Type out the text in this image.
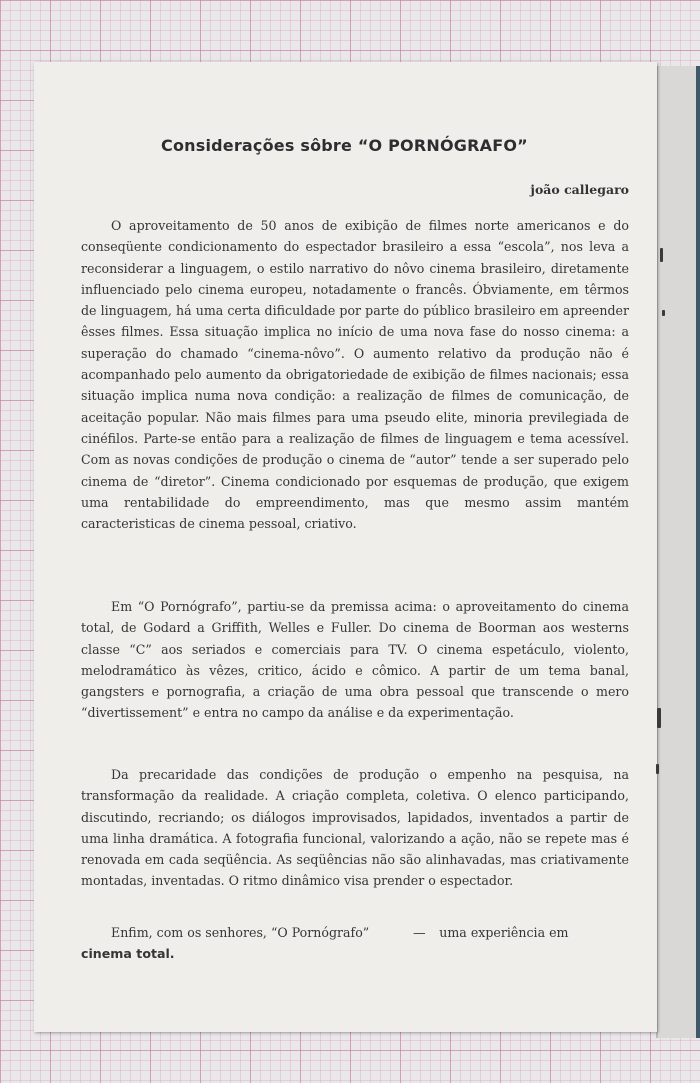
Considerações sôbre “O PORNÓGRAFO”
joão callegaro

O aproveitamento de 50 anos de exibição de filmes norte americanos e do conseqüente condicionamento do espectador brasileiro a essa “escola”, nos leva a reconsiderar a linguagem, o estilo narrativo do nôvo cinema brasileiro, diretamente influenciado pelo cinema europeu, notadamente o francês. Óbviamente, em têrmos de linguagem, há uma certa dificuldade por parte do público brasileiro em apreender êsses filmes. Essa situação implica no início de uma nova fase do nosso cinema: a superação do chamado “cinema-nôvo”. O aumento relativo da produção não é acompanhado pelo aumento da obrigatoriedade de exibição de filmes nacionais; essa situação implica numa nova condição: a realização de filmes de comunicação, de aceitação popular. Não mais filmes para uma pseudo elite, minoria previlegiada de cinéfilos. Parte-se então para a realização de filmes de linguagem e tema acessível. Com as novas condições de produção o cinema de “autor” tende a ser superado pelo cinema de “diretor”. Cinema condicionado por esquemas de produção, que exigem uma rentabilidade do empreendimento, mas que mesmo assim mantém caracteristicas de cinema pessoal, criativo.

Em “O Pornógrafo”, partiu-se da premissa acima: o aproveitamento do cinema total, de Godard a Griffith, Welles e Fuller. Do cinema de Boorman aos westerns classe “C” aos seriados e comerciais para TV. O cinema espetáculo, violento, melodramático às vêzes, critico, ácido e cômico. A partir de um tema banal, gangsters e pornografia, a criação de uma obra pessoal que transcende o mero “divertissement” e entra no campo da análise e da experimentação.

Da precaridade das condições de produção o empenho na pesquisa, na transformação da realidade. A criação completa, coletiva. O elenco participando, discutindo, recriando; os diálogos improvisados, lapidados, inventados a partir de uma linha dramática. A fotografia funcional, valorizando a ação, não se repete mas é renovada em cada seqüência. As seqüências não são alinhavadas, mas criativamente montadas, inventadas. O ritmo dinâmico visa prender o espectador.

Enfim, com os senhores, “O Pornógrafo”	— uma experiência em
cinema total.
